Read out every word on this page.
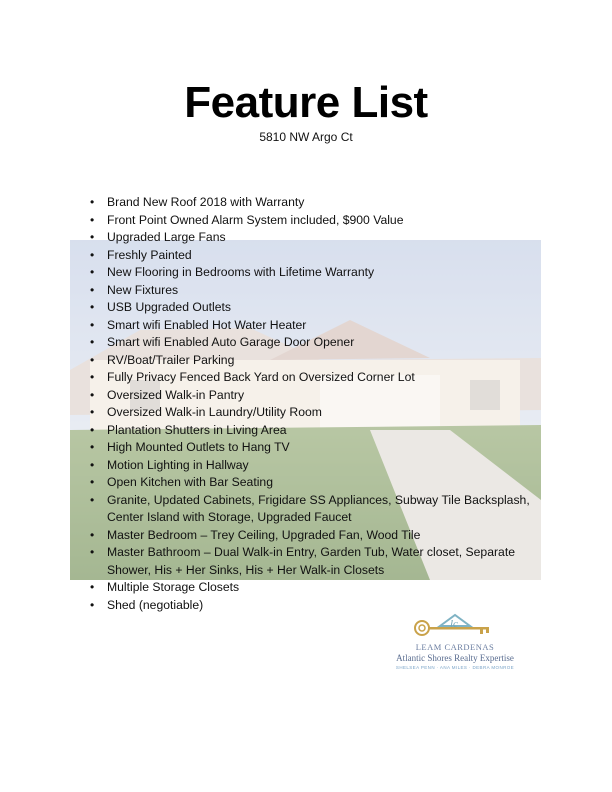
Feature List
5810 NW Argo Ct
• Brand New Roof 2018 with Warranty
• Front Point Owned Alarm System included, $900 Value
• Upgraded Large Fans
• Freshly Painted
• New Flooring in Bedrooms with Lifetime Warranty
• New Fixtures
• USB Upgraded Outlets
• Smart wifi Enabled Hot Water Heater
• Smart wifi Enabled Auto Garage Door Opener
• RV/Boat/Trailer Parking
• Fully Privacy Fenced Back Yard on Oversized Corner Lot
• Oversized Walk-in Pantry
• Oversized Walk-in Laundry/Utility Room
• Plantation Shutters in Living Area
• High Mounted Outlets to Hang TV
• Motion Lighting in Hallway
• Open Kitchen with Bar Seating
• Granite, Updated Cabinets, Frigidare SS Appliances, Subway Tile Backsplash, Center Island with Storage, Upgraded Faucet
• Master Bedroom – Trey Ceiling, Upgraded Fan, Wood Tile
• Master Bathroom – Dual Walk-in Entry, Garden Tub, Water closet, Separate Shower, His + Her Sinks, His + Her Walk-in Closets
• Multiple Storage Closets
• Shed (negotiable)
lc
LEAM CARDENAS
Atlantic Shores Realty Expertise
SHELSEA PENN · ANA MILES · DEBRA MONROE
